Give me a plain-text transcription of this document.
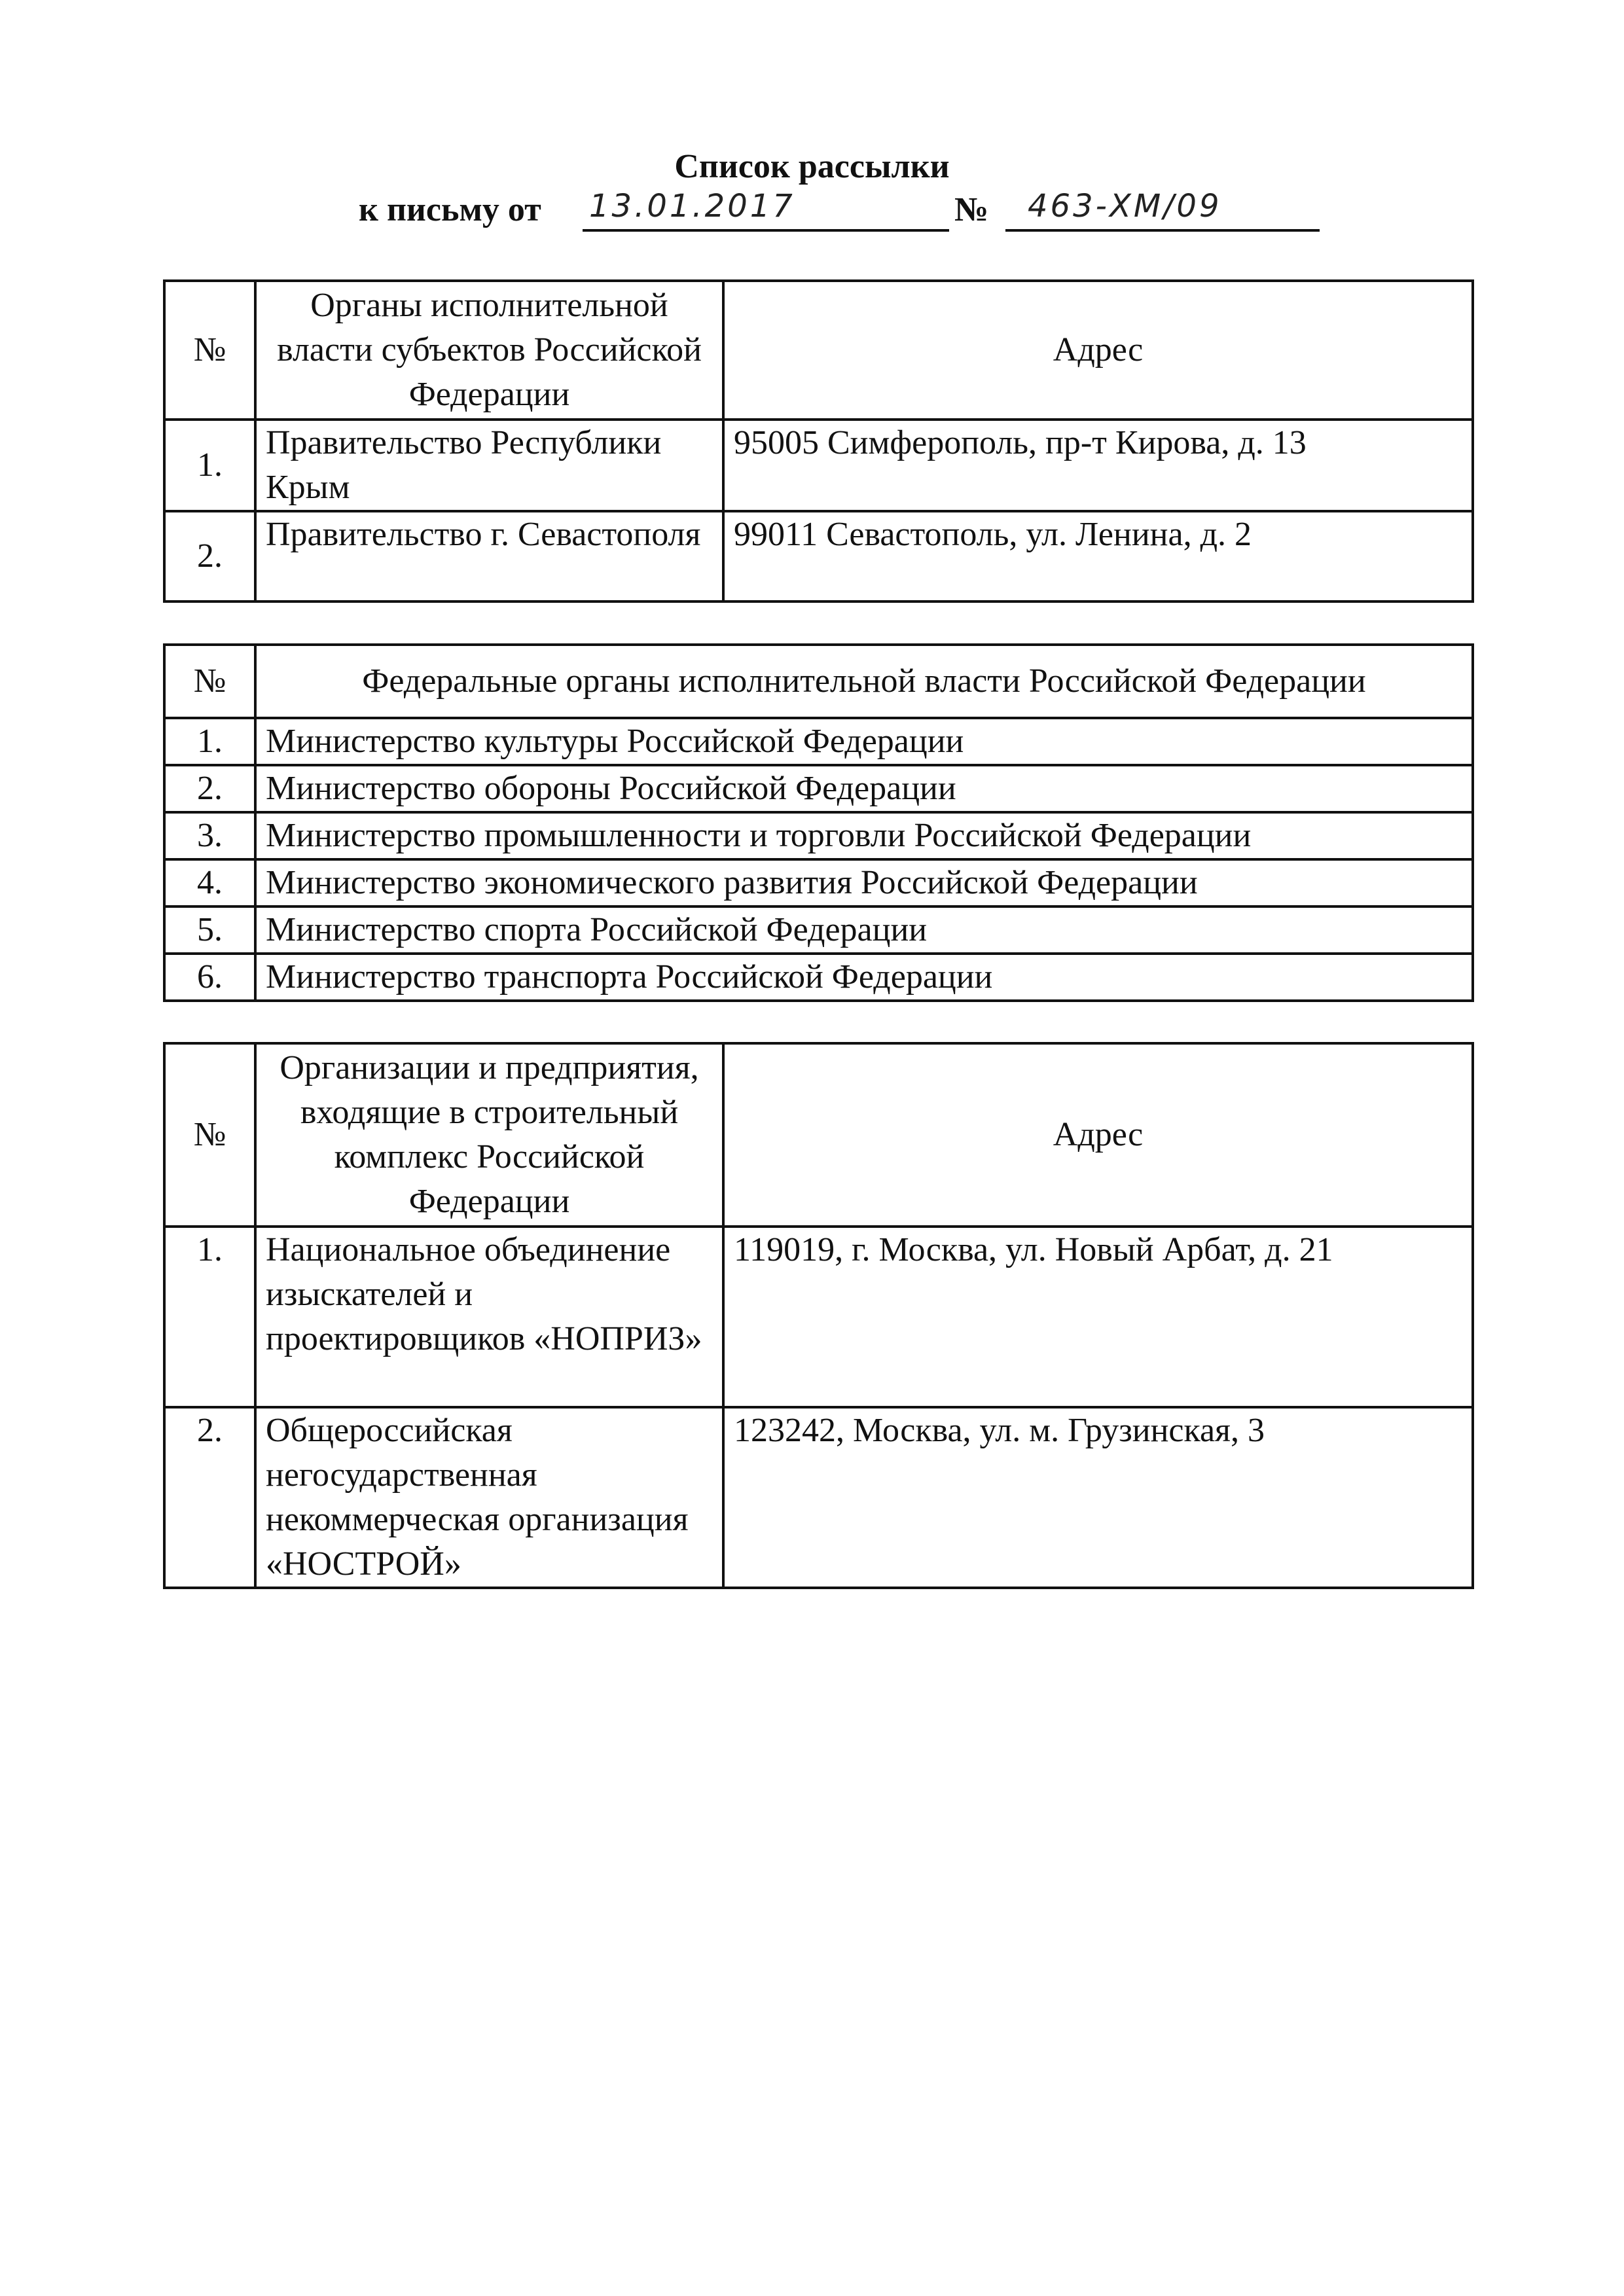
Список рассылки
к письму от 13.01.2017	№ 463-ХМ/09
№	Органы исполнительной власти субъектов Российской Федерации	Адрес
1.	Правительство Республики Крым	95005 Симферополь, пр-т Кирова, д. 13
2.	Правительство г. Севастополя	99011 Севастополь, ул. Ленина, д. 2
№	Федеральные органы исполнительной власти Российской Федерации
1.	Министерство культуры Российской Федерации
2.	Министерство обороны Российской Федерации
3.	Министерство промышленности и торговли Российской Федерации
4.	Министерство экономического развития Российской Федерации
5.	Министерство спорта Российской Федерации
6.	Министерство транспорта Российской Федерации
№	Организации и предприятия, входящие в строительный комплекс Российской Федерации	Адрес
1.	Национальное объединение изыскателей и проектировщиков «НОПРИЗ»	119019, г. Москва, ул. Новый Арбат, д. 21
2.	Общероссийская негосударственная некоммерческая организация «НОСТРОЙ»	123242, Москва, ул. м. Грузинская, 3
